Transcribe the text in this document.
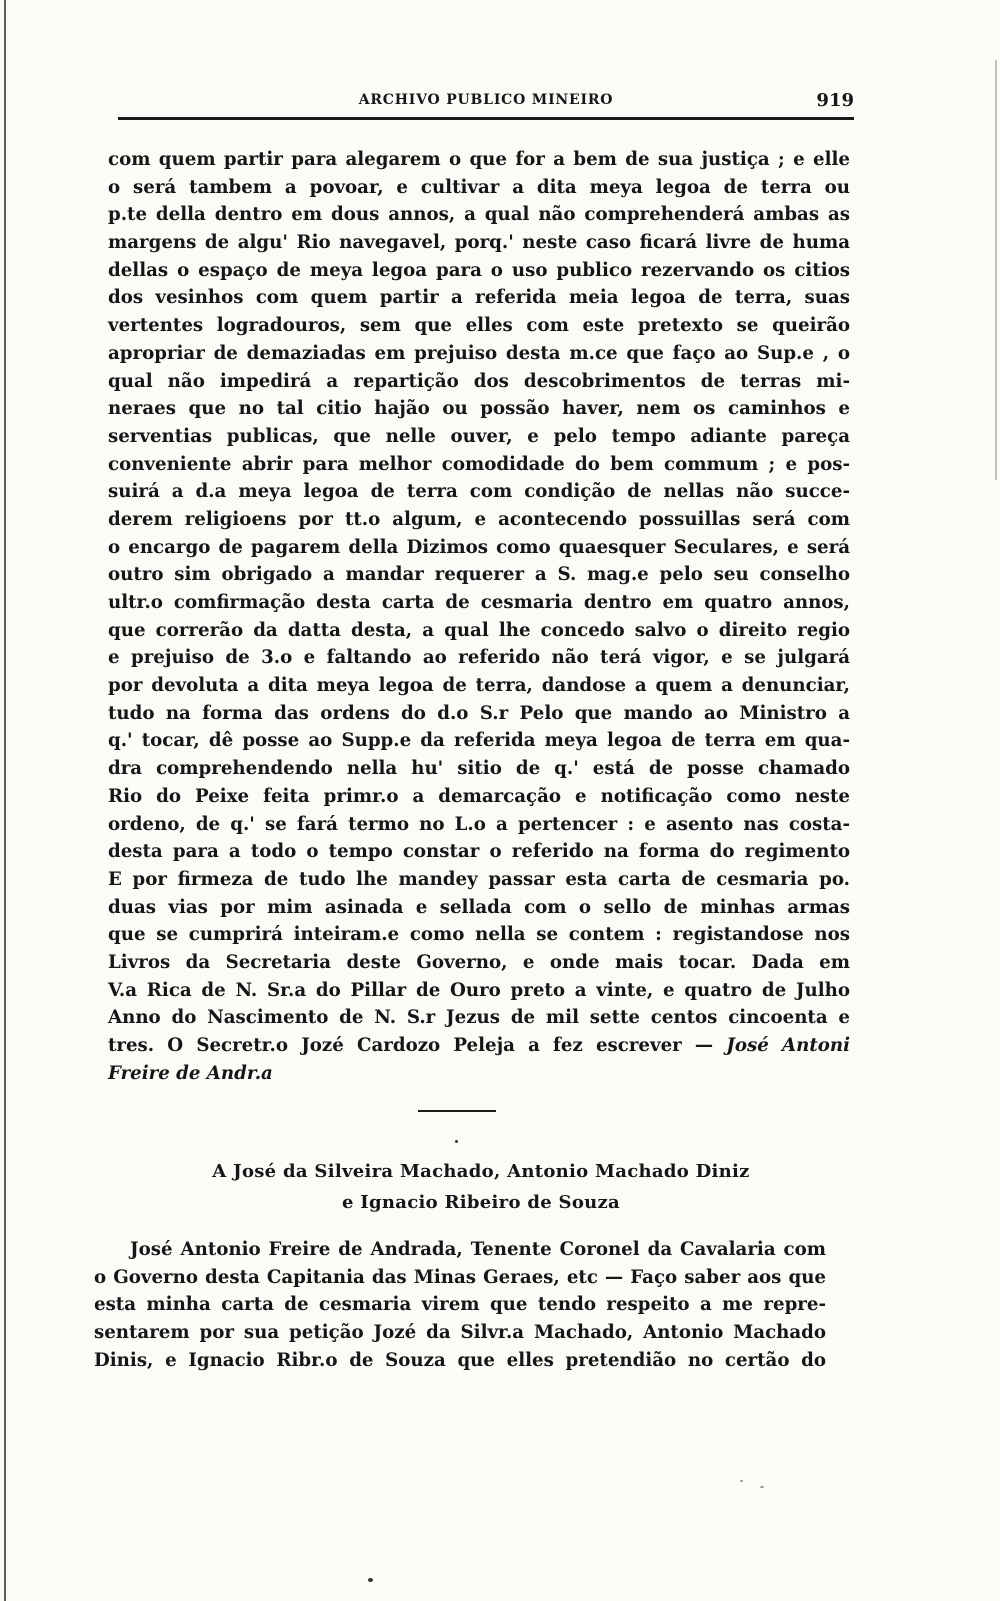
ARCHIVO PUBLICO MINEIRO	919
com quem partir para alegarem o que for a bem de sua justiça ; e elle
o será tambem a povoar, e cultivar a dita meya legoa de terra ou
p.te della dentro em dous annos, a qual não comprehenderá ambas as
margens de algu' Rio navegavel, porq.' neste caso ficará livre de huma
dellas o espaço de meya legoa para o uso publico rezervando os citios
dos vesinhos com quem partir a referida meia legoa de terra, suas
vertentes logradouros, sem que elles com este pretexto se queirão
apropriar de demaziadas em prejuiso desta m.ce que faço ao Sup.e , o
qual não impedirá a repartição dos descobrimentos de terras mi-
neraes que no tal citio hajão ou possão haver, nem os caminhos e
serventias publicas, que nelle ouver, e pelo tempo adiante pareça
conveniente abrir para melhor comodidade do bem commum ; e pos-
suirá a d.a meya legoa de terra com condição de nellas não succe-
derem religioens por tt.o algum, e acontecendo possuillas será com
o encargo de pagarem della Dizimos como quaesquer Seculares, e será
outro sim obrigado a mandar requerer a S. mag.e pelo seu conselho
ultr.o comfirmação desta carta de cesmaria dentro em quatro annos,
que correrão da datta desta, a qual lhe concedo salvo o direito regio
e prejuiso de 3.o e faltando ao referido não terá vigor, e se julgará
por devoluta a dita meya legoa de terra, dandose a quem a denunciar,
tudo na forma das ordens do d.o S.r Pelo que mando ao Ministro a
q.' tocar, dê posse ao Supp.e da referida meya legoa de terra em qua-
dra comprehendendo nella hu' sitio de q.' está de posse chamado
Rio do Peixe feita primr.o a demarcação e notificação como neste
ordeno, de q.' se fará termo no L.o a pertencer : e asento nas costa-
desta para a todo o tempo constar o referido na forma do regimento
E por firmeza de tudo lhe mandey passar esta carta de cesmaria po.
duas vias por mim asinada e sellada com o sello de minhas armas
que se cumprirá inteiram.e como nella se contem : registandose nos
Livros da Secretaria deste Governo, e onde mais tocar. Dada em
V.a Rica de N. Sr.a do Pillar de Ouro preto a vinte, e quatro de Julho
Anno do Nascimento de N. S.r Jezus de mil sette centos cincoenta e
tres. O Secretr.o Jozé Cardozo Peleja a fez escrever — José Antoni
Freire de Andr.a
A José da Silveira Machado, Antonio Machado Diniz
e Ignacio Ribeiro de Souza
José Antonio Freire de Andrada, Tenente Coronel da Cavalaria com
o Governo desta Capitania das Minas Geraes, etc — Faço saber aos que
esta minha carta de cesmaria virem que tendo respeito a me repre-
sentarem por sua petição Jozé da Silvr.a Machado, Antonio Machado
Dinis, e Ignacio Ribr.o de Souza que elles pretendião no certão do
